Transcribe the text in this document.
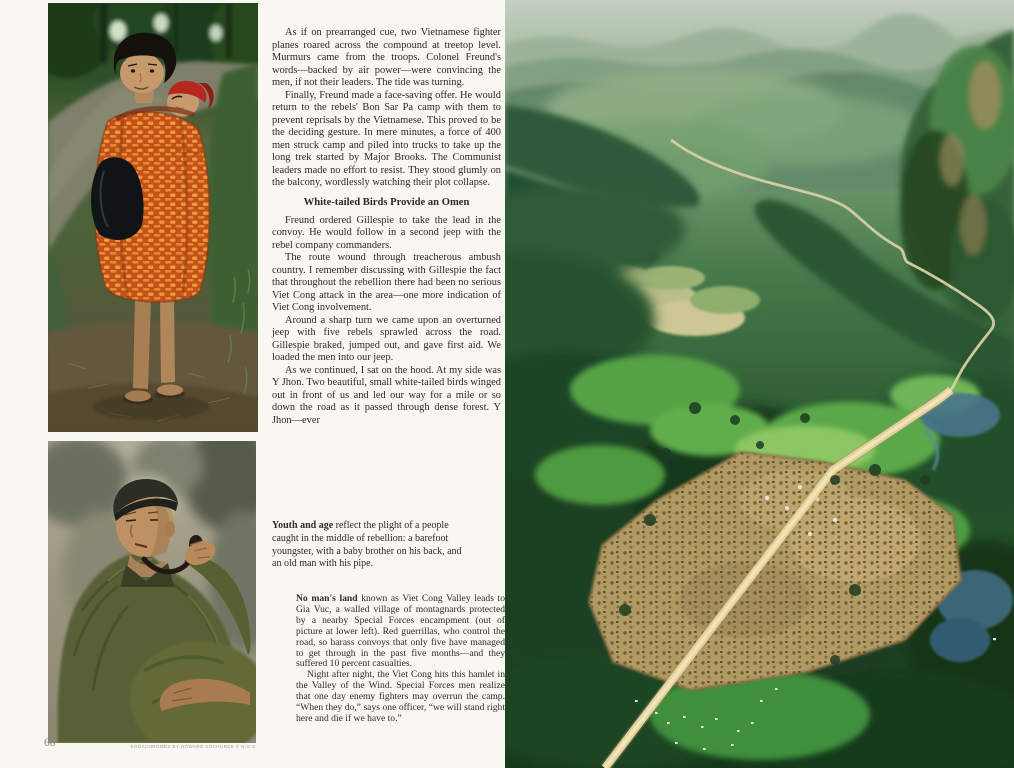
As if on prearranged cue, two Vietnamese fighter planes roared across the compound at treetop level. Murmurs came from the troops. Colonel Freund's words—backed by air power—were convincing the men, if not their leaders. The tide was turning.

Finally, Freund made a face-saving offer. He would return to the rebels' Bon Sar Pa camp with them to prevent reprisals by the Vietnamese. This proved to be the deciding gesture. In mere minutes, a force of 400 men struck camp and piled into trucks to take up the long trek started by Major Brooks. The Communist leaders made no effort to resist. They stood glumly on the balcony, wordlessly watching their plot collapse.

White-tailed Birds Provide an Omen

Freund ordered Gillespie to take the lead in the convoy. He would follow in a second jeep with the rebel company commanders.

The route wound through treacherous ambush country. I remember discussing with Gillespie the fact that throughout the rebellion there had been no serious Viet Cong attack in the area—one more indication of Viet Cong involvement.

Around a sharp turn we came upon an overturned jeep with five rebels sprawled across the road. Gillespie braked, jumped out, and gave first aid. We loaded the men into our jeep.

As we continued, I sat on the hood. At my side was Y Jhon. Two beautiful, small white-tailed birds winged out in front of us and led our way for a mile or so down the road as it passed through dense forest. Y Jhon—ever

Youth and age reflect the plight of a people caught in the middle of rebellion: a barefoot youngster, with a baby brother on his back, and an old man with his pipe.

No man's land known as Viet Cong Valley leads to Gia Vuc, a walled village of montagnards protected by a nearby Special Forces encampment (out of picture at lower left). Red guerrillas, who control the road, so harass convoys that only five have managed to get through in the past five months—and they suffered 10 percent casualties.

Night after night, the Viet Cong hits this hamlet in the Valley of the Wind. Special Forces men realize that one day enemy fighters may overrun the camp. “When they do,” says one officer, “we will stand right here and die if we have to.”

KODACHROMES BY HOWARD SOCHUREK © N.G.S.
60
